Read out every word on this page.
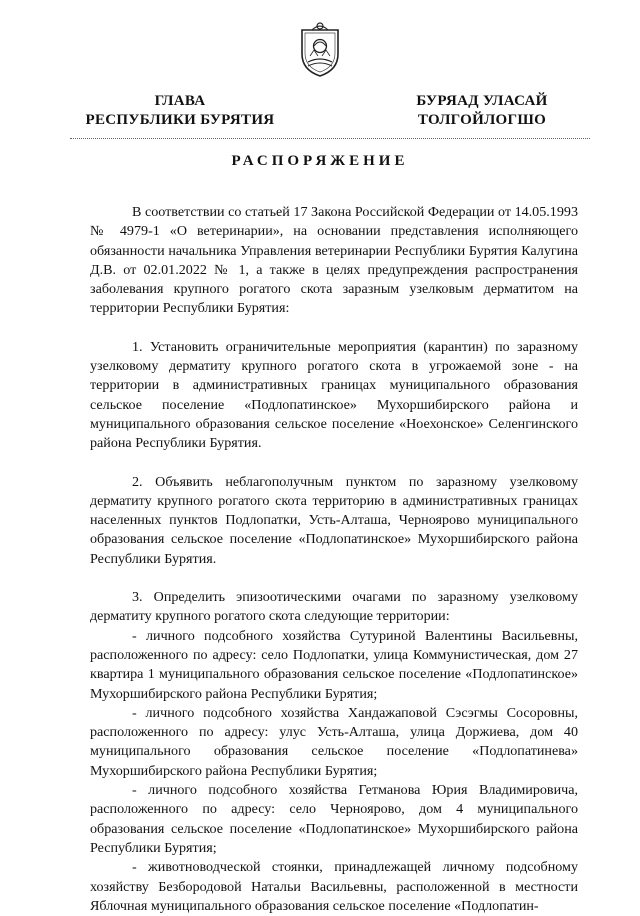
ГЛАВА
РЕСПУБЛИКИ БУРЯТИЯ
БУРЯАД УЛАСАЙ
ТОЛГОЙЛОГШО
РАСПОРЯЖЕНИЕ

В соответствии со статьей 17 Закона Российской Федерации от 14.05.1993 № 4979-1 «О ветеринарии», на основании представления исполняющего обязанности начальника Управления ветеринарии Республики Бурятия Калугина Д.В. от 02.01.2022 № 1, а также в целях предупреждения распространения заболевания крупного рогатого скота заразным узелковым дерматитом на территории Республики Бурятия:

1. Установить ограничительные мероприятия (карантин) по заразному узелковому дерматиту крупного рогатого скота в угрожаемой зоне - на территории в административных границах муниципального образования сельское поселение «Подлопатинское» Мухоршибирского района и муниципального образования сельское поселение «Ноехонское» Селенгинского района Республики Бурятия.

2. Объявить неблагополучным пунктом по заразному узелковому дерматиту крупного рогатого скота территорию в административных границах населенных пунктов Подлопатки, Усть-Алташа, Черноярово муниципального образования сельское поселение «Подлопатинское» Мухоршибирского района Республики Бурятия.

3. Определить эпизоотическими очагами по заразному узелковому дерматиту крупного рогатого скота следующие территории:

- личного подсобного хозяйства Сутуриной Валентины Васильевны, расположенного по адресу: село Подлопатки, улица Коммунистическая, дом 27 квартира 1 муниципального образования сельское поселение «Подлопатинское» Мухоршибирского района Республики Бурятия;

- личного подсобного хозяйства Хандажаповой Сэсэгмы Сосоровны, расположенного по адресу: улус Усть-Алташа, улица Доржиева, дом 40 муниципального образования сельское поселение «Подлопатинева» Мухоршибирского района Республики Бурятия;

- личного подсобного хозяйства Гетманова Юрия Владимировича, расположенного по адресу: село Черноярово, дом 4 муниципального образования сельское поселение «Подлопатинское» Мухоршибирского района Республики Бурятия;

- животноводческой стоянки, принадлежащей личному подсобному хозяйству Безбородовой Натальи Васильевны, расположенной в местности Яблочная муниципального образования сельское поселение «Подлопатин-
